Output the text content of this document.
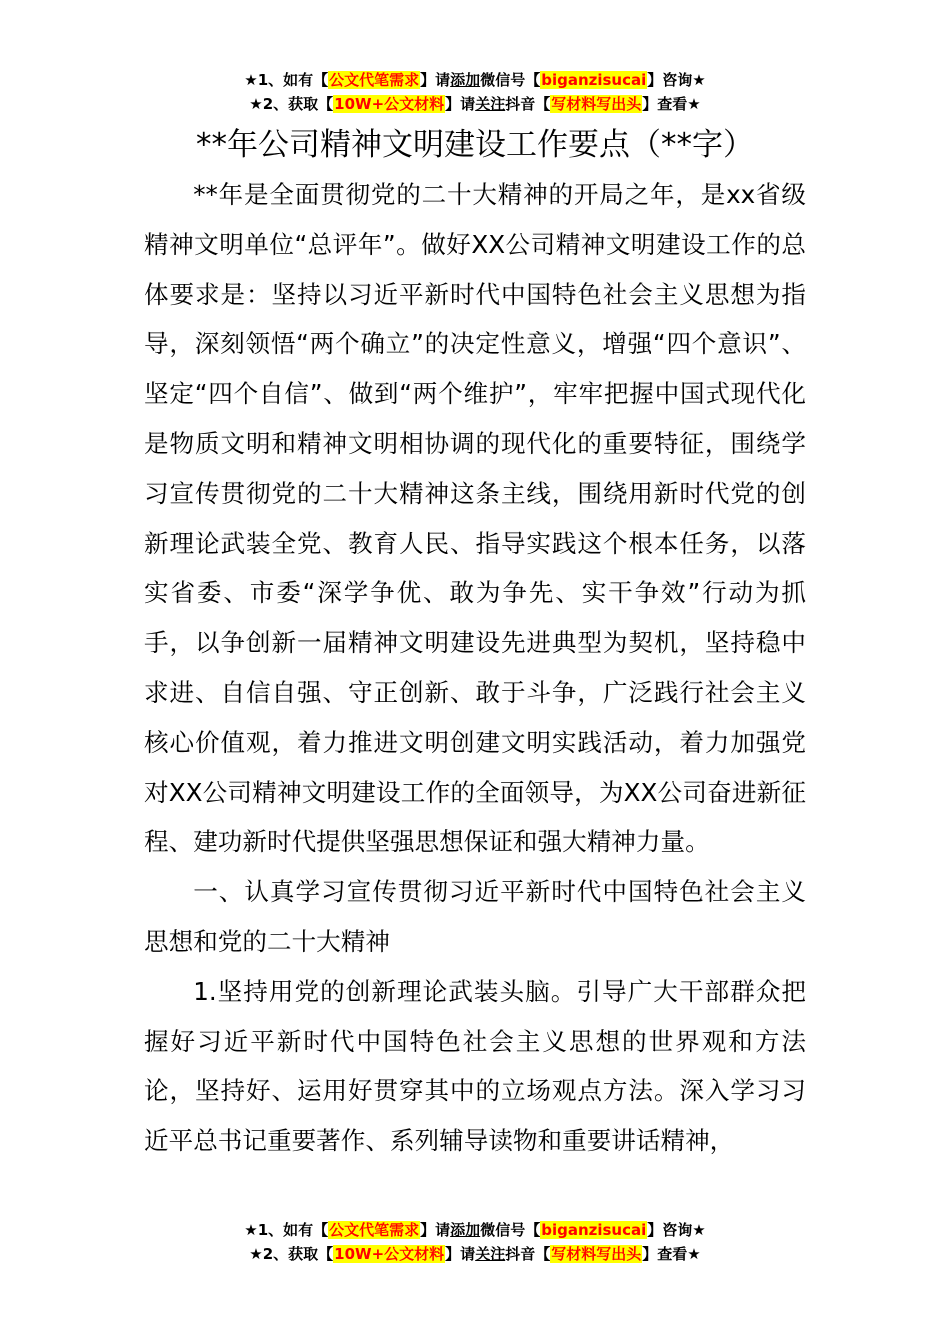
★1、如有【公文代笔需求】请添加微信号【biganzisucai】咨询★
★2、获取【10W+公文材料】请关注抖音【写材料写出头】查看★
**年公司精神文明建设工作要点（**字）

**年是全面贯彻党的二十大精神的开局之年，是xx省级精神文明单位“总评年”。做好XX公司精神文明建设工作的总体要求是：坚持以习近平新时代中国特色社会主义思想为指导，深刻领悟“两个确立”的决定性意义，增强“四个意识”、坚定“四个自信”、做到“两个维护”，牢牢把握中国式现代化是物质文明和精神文明相协调的现代化的重要特征，围绕学习宣传贯彻党的二十大精神这条主线，围绕用新时代党的创新理论武装全党、教育人民、指导实践这个根本任务，以落实省委、市委“深学争优、敢为争先、实干争效”行动为抓手，以争创新一届精神文明建设先进典型为契机，坚持稳中求进、自信自强、守正创新、敢于斗争，广泛践行社会主义核心价值观，着力推进文明创建文明实践活动，着力加强党对XX公司精神文明建设工作的全面领导，为XX公司奋进新征程、建功新时代提供坚强思想保证和强大精神力量。

一、认真学习宣传贯彻习近平新时代中国特色社会主义思想和党的二十大精神

1.坚持用党的创新理论武装头脑。引导广大干部群众把握好习近平新时代中国特色社会主义思想的世界观和方法论，坚持好、运用好贯穿其中的立场观点方法。深入学习习近平总书记重要著作、系列辅导读物和重要讲话精神，

★1、如有【公文代笔需求】请添加微信号【biganzisucai】咨询★
★2、获取【10W+公文材料】请关注抖音【写材料写出头】查看★
